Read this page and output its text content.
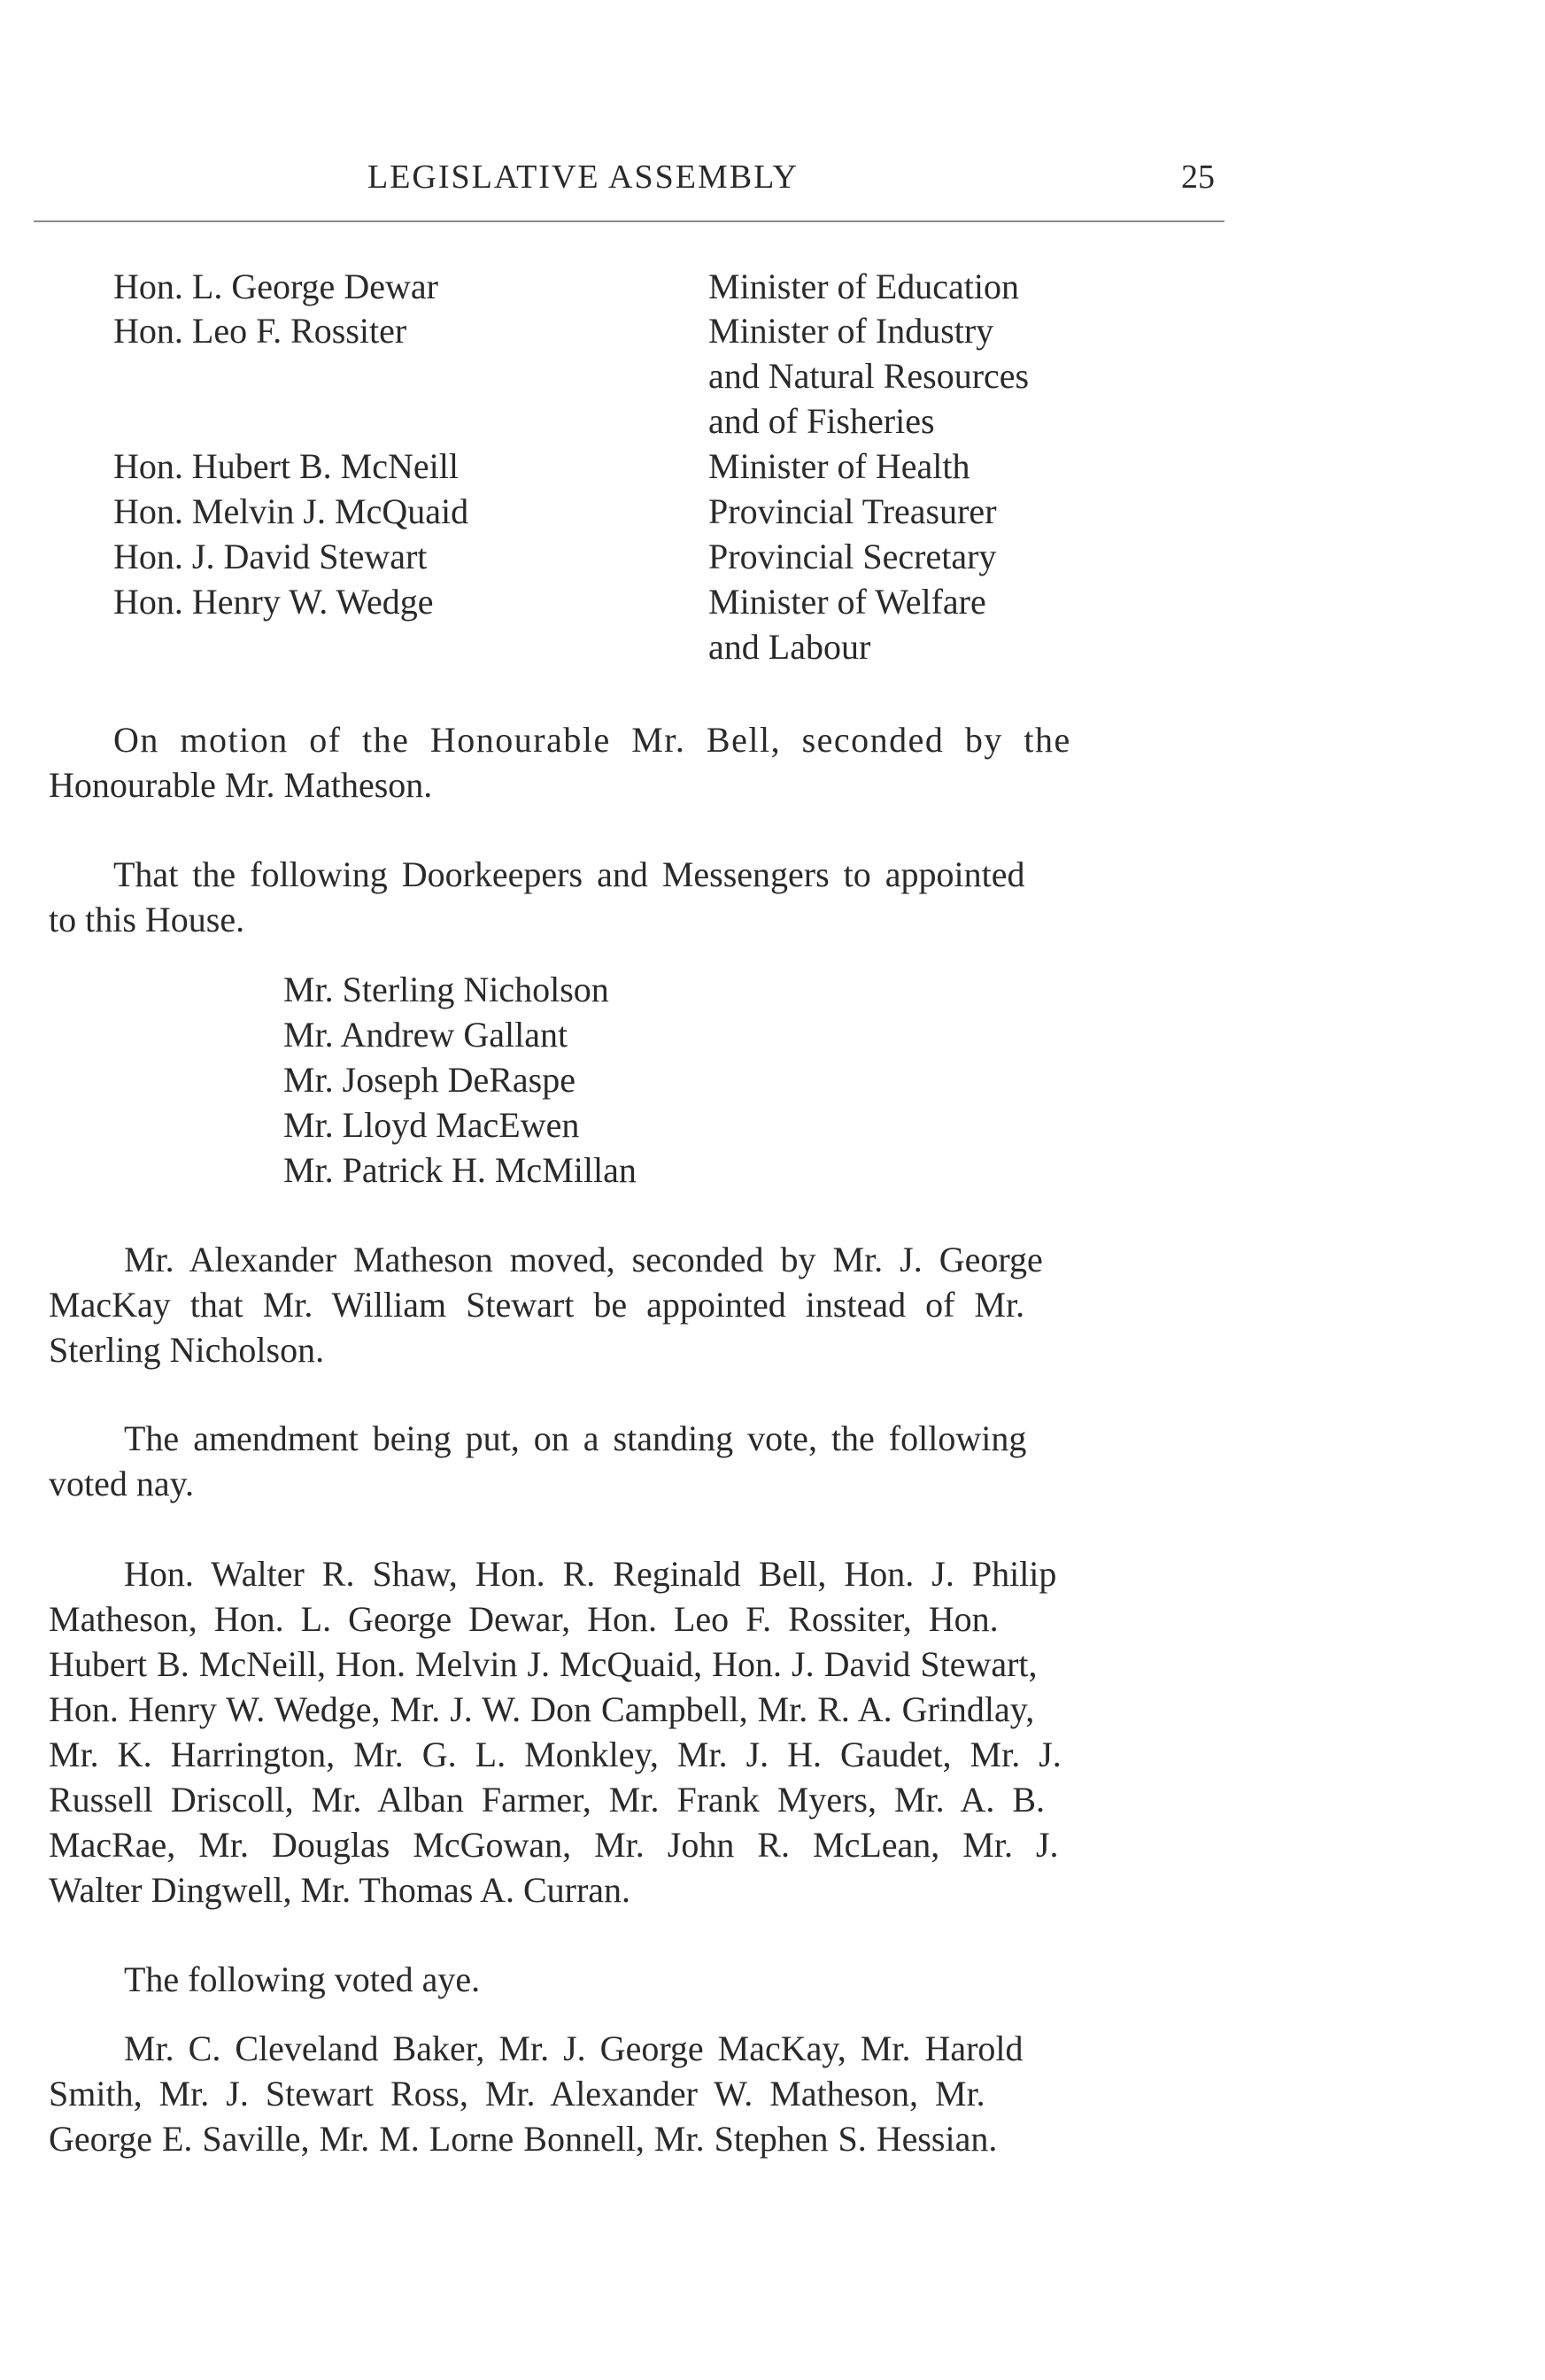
LEGISLATIVE ASSEMBLY	25
Hon. L. George Dewar	Minister of Education
Hon. Leo F. Rossiter	Minister of Industry
and Natural Resources
and of Fisheries
Hon. Hubert B. McNeill	Minister of Health
Hon. Melvin J. McQuaid	Provincial Treasurer
Hon. J. David Stewart	Provincial Secretary
Hon. Henry W. Wedge	Minister of Welfare
and Labour
On motion of the Honourable Mr. Bell, seconded by the
Honourable Mr. Matheson.
That the following Doorkeepers and Messengers to appointed
to this House.
Mr. Sterling Nicholson
Mr. Andrew Gallant
Mr. Joseph DeRaspe
Mr. Lloyd MacEwen
Mr. Patrick H. McMillan
Mr. Alexander Matheson moved, seconded by Mr. J. George
MacKay that Mr. William Stewart be appointed instead of Mr.
Sterling Nicholson.
The amendment being put, on a standing vote, the following
voted nay.
Hon. Walter R. Shaw, Hon. R. Reginald Bell, Hon. J. Philip
Matheson, Hon. L. George Dewar, Hon. Leo F. Rossiter, Hon.
Hubert B. McNeill, Hon. Melvin J. McQuaid, Hon. J. David Stewart,
Hon. Henry W. Wedge, Mr. J. W. Don Campbell, Mr. R. A. Grindlay,
Mr. K. Harrington, Mr. G. L. Monkley, Mr. J. H. Gaudet, Mr. J.
Russell Driscoll, Mr. Alban Farmer, Mr. Frank Myers, Mr. A. B.
MacRae, Mr. Douglas McGowan, Mr. John R. McLean, Mr. J.
Walter Dingwell, Mr. Thomas A. Curran.
The following voted aye.
Mr. C. Cleveland Baker, Mr. J. George MacKay, Mr. Harold
Smith, Mr. J. Stewart Ross, Mr. Alexander W. Matheson, Mr.
George E. Saville, Mr. M. Lorne Bonnell, Mr. Stephen S. Hessian.
